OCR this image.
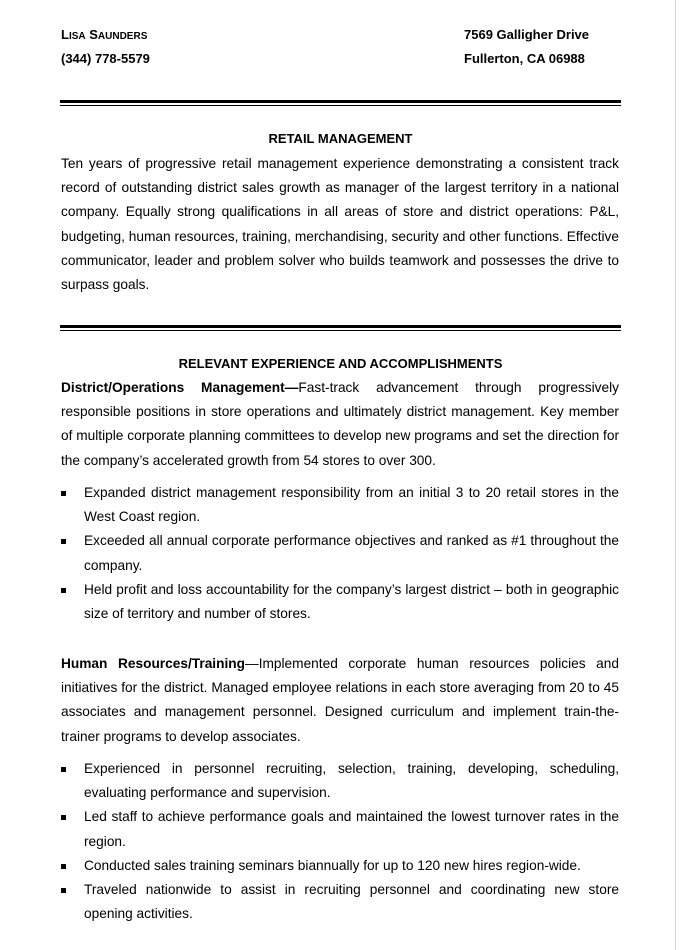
LISA SAUNDERS
(344) 778-5579
7569 Galligher Drive
Fullerton, CA 06988
RETAIL MANAGEMENT
Ten years of progressive retail management experience demonstrating a consistent track record of outstanding district sales growth as manager of the largest territory in a national company. Equally strong qualifications in all areas of store and district operations: P&L, budgeting, human resources, training, merchandising, security and other functions. Effective communicator, leader and problem solver who builds teamwork and possesses the drive to surpass goals.
RELEVANT EXPERIENCE AND ACCOMPLISHMENTS
District/Operations Management—Fast-track advancement through progressively responsible positions in store operations and ultimately district management. Key member of multiple corporate planning committees to develop new programs and set the direction for the company’s accelerated growth from 54 stores to over 300.
Expanded district management responsibility from an initial 3 to 20 retail stores in the West Coast region.
Exceeded all annual corporate performance objectives and ranked as #1 throughout the company.
Held profit and loss accountability for the company’s largest district – both in geographic size of territory and number of stores.
Human Resources/Training—Implemented corporate human resources policies and initiatives for the district. Managed employee relations in each store averaging from 20 to 45 associates and management personnel. Designed curriculum and implement train-the-trainer programs to develop associates.
Experienced in personnel recruiting, selection, training, developing, scheduling, evaluating performance and supervision.
Led staff to achieve performance goals and maintained the lowest turnover rates in the region.
Conducted sales training seminars biannually for up to 120 new hires region-wide.
Traveled nationwide to assist in recruiting personnel and coordinating new store opening activities.
